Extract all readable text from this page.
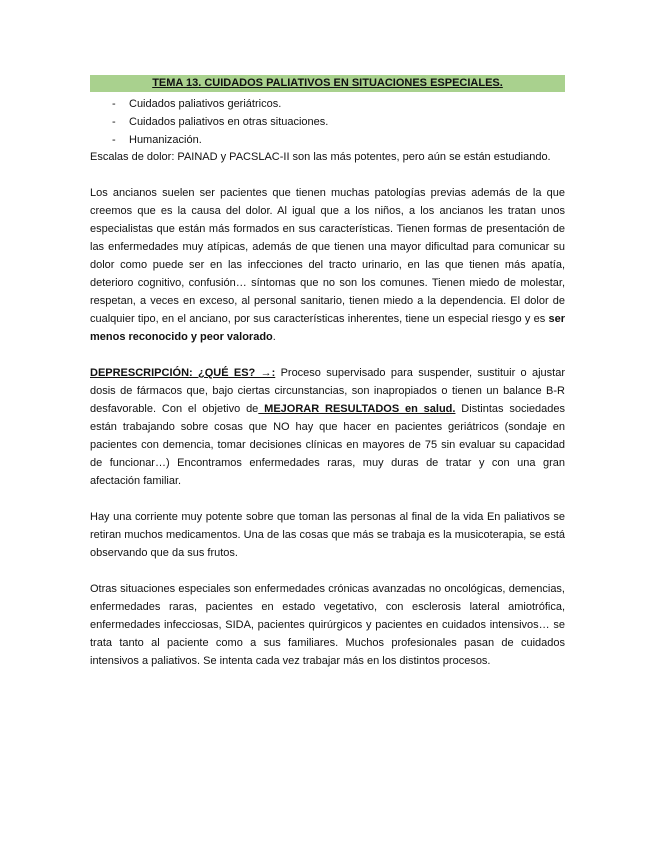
TEMA 13. CUIDADOS PALIATIVOS EN SITUACIONES ESPECIALES.
- Cuidados paliativos geriátricos.
- Cuidados paliativos en otras situaciones.
- Humanización.

Escalas de dolor: PAINAD y PACSLAC-II son las más potentes, pero aún se están estudiando.

Los ancianos suelen ser pacientes que tienen muchas patologías previas además de la que creemos que es la causa del dolor. Al igual que a los niños, a los ancianos les tratan unos especialistas que están más formados en sus características. Tienen formas de presentación de las enfermedades muy atípicas, además de que tienen una mayor dificultad para comunicar su dolor como puede ser en las infecciones del tracto urinario, en las que tienen más apatía, deterioro cognitivo, confusión… síntomas que no son los comunes. Tienen miedo de molestar, respetan, a veces en exceso, al personal sanitario, tienen miedo a la dependencia. El dolor de cualquier tipo, en el anciano, por sus características inherentes, tiene un especial riesgo y es ser menos reconocido y peor valorado.

DEPRESCRIPCIÓN: ¿QUÉ ES? →: Proceso supervisado para suspender, sustituir o ajustar dosis de fármacos que, bajo ciertas circunstancias, son inapropiados o tienen un balance B-R desfavorable. Con el objetivo de MEJORAR RESULTADOS en salud. Distintas sociedades están trabajando sobre cosas que NO hay que hacer en pacientes geriátricos (sondaje en pacientes con demencia, tomar decisiones clínicas en mayores de 75 sin evaluar su capacidad de funcionar…) Encontramos enfermedades raras, muy duras de tratar y con una gran afectación familiar.

Hay una corriente muy potente sobre que toman las personas al final de la vida En paliativos se retiran muchos medicamentos. Una de las cosas que más se trabaja es la musicoterapia, se está observando que da sus frutos.

Otras situaciones especiales son enfermedades crónicas avanzadas no oncológicas, demencias, enfermedades raras, pacientes en estado vegetativo, con esclerosis lateral amiotrófica, enfermedades infecciosas, SIDA, pacientes quirúrgicos y pacientes en cuidados intensivos… se trata tanto al paciente como a sus familiares. Muchos profesionales pasan de cuidados intensivos a paliativos. Se intenta cada vez trabajar más en los distintos procesos.
